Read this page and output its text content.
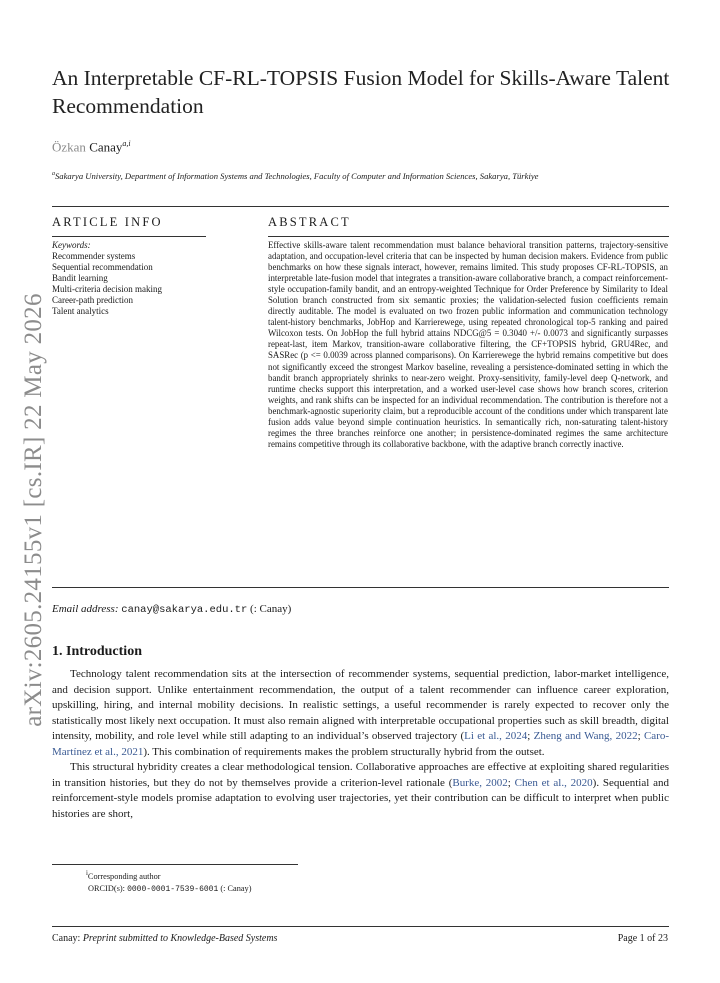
arXiv:2605.24155v1 [cs.IR] 22 May 2026
An Interpretable CF-RL-TOPSIS Fusion Model for Skills-Aware Talent Recommendation
Özkan Canay$^{a,i}$
$^a$Sakarya University, Department of Information Systems and Technologies, Faculty of Computer and Information Sciences, Sakarya, Türkiye
ARTICLE INFO
Keywords:
Recommender systems
Sequential recommendation
Bandit learning
Multi-criteria decision making
Career-path prediction
Talent analytics
ABSTRACT
Effective skills-aware talent recommendation must balance behavioral transition patterns, trajectory-sensitive adaptation, and occupation-level criteria that can be inspected by human decision makers. Evidence from public benchmarks on how these signals interact, however, remains limited. This study proposes CF-RL-TOPSIS, an interpretable late-fusion model that integrates a transition-aware collaborative branch, a compact reinforcement-style occupation-family bandit, and an entropy-weighted Technique for Order Preference by Similarity to Ideal Solution branch constructed from six semantic proxies; the validation-selected fusion coefficients remain directly auditable. The model is evaluated on two frozen public information and communication technology talent-history benchmarks, JobHop and Karrierewege, using repeated chronological top-5 ranking and paired Wilcoxon tests. On JobHop the full hybrid attains NDCG@5 = 0.3040 +/- 0.0073 and significantly surpasses repeat-last, item Markov, transition-aware collaborative filtering, the CF+TOPSIS hybrid, GRU4Rec, and SASRec (p <= 0.0039 across planned comparisons). On Karrierewege the hybrid remains competitive but does not significantly exceed the strongest Markov baseline, revealing a persistence-dominated setting in which the bandit branch appropriately shrinks to near-zero weight. Proxy-sensitivity, family-level deep Q-network, and runtime checks support this interpretation, and a worked user-level case shows how branch scores, criterion weights, and rank shifts can be inspected for an individual recommendation. The contribution is therefore not a benchmark-agnostic superiority claim, but a reproducible account of the conditions under which transparent late fusion adds value beyond simple continuation heuristics. In semantically rich, non-saturating talent-history regimes the three branches reinforce one another; in persistence-dominated regimes the same architecture remains competitive through its collaborative backbone, with the adaptive branch correctly inactive.
Email address: canay@sakarya.edu.tr (: Canay)
1. Introduction

Technology talent recommendation sits at the intersection of recommender systems, sequential prediction, labor-market intelligence, and decision support. Unlike entertainment recommendation, the output of a talent recommender can influence career exploration, upskilling, hiring, and internal mobility decisions. In realistic settings, a useful recommender is rarely expected to recover only the statistically most likely next occupation. It must also remain aligned with interpretable occupational properties such as skill breadth, digital intensity, mobility, and role level while still adapting to an individual’s observed trajectory (Li et al., 2024; Zheng and Wang, 2022; Caro-Martínez et al., 2021). This combination of requirements makes the problem structurally hybrid from the outset.

This structural hybridity creates a clear methodological tension. Collaborative approaches are effective at exploiting shared regularities in transition histories, but they do not by themselves provide a criterion-level rationale (Burke, 2002; Chen et al., 2020). Sequential and reinforcement-style models promise adaptation to evolving user trajectories, yet their contribution can be difficult to interpret when public histories are short,

$^i$Corresponding author
ORCID(s): 0000-0001-7539-6001 (: Canay)
Canay: Preprint submitted to Knowledge-Based Systems	Page 1 of 23
